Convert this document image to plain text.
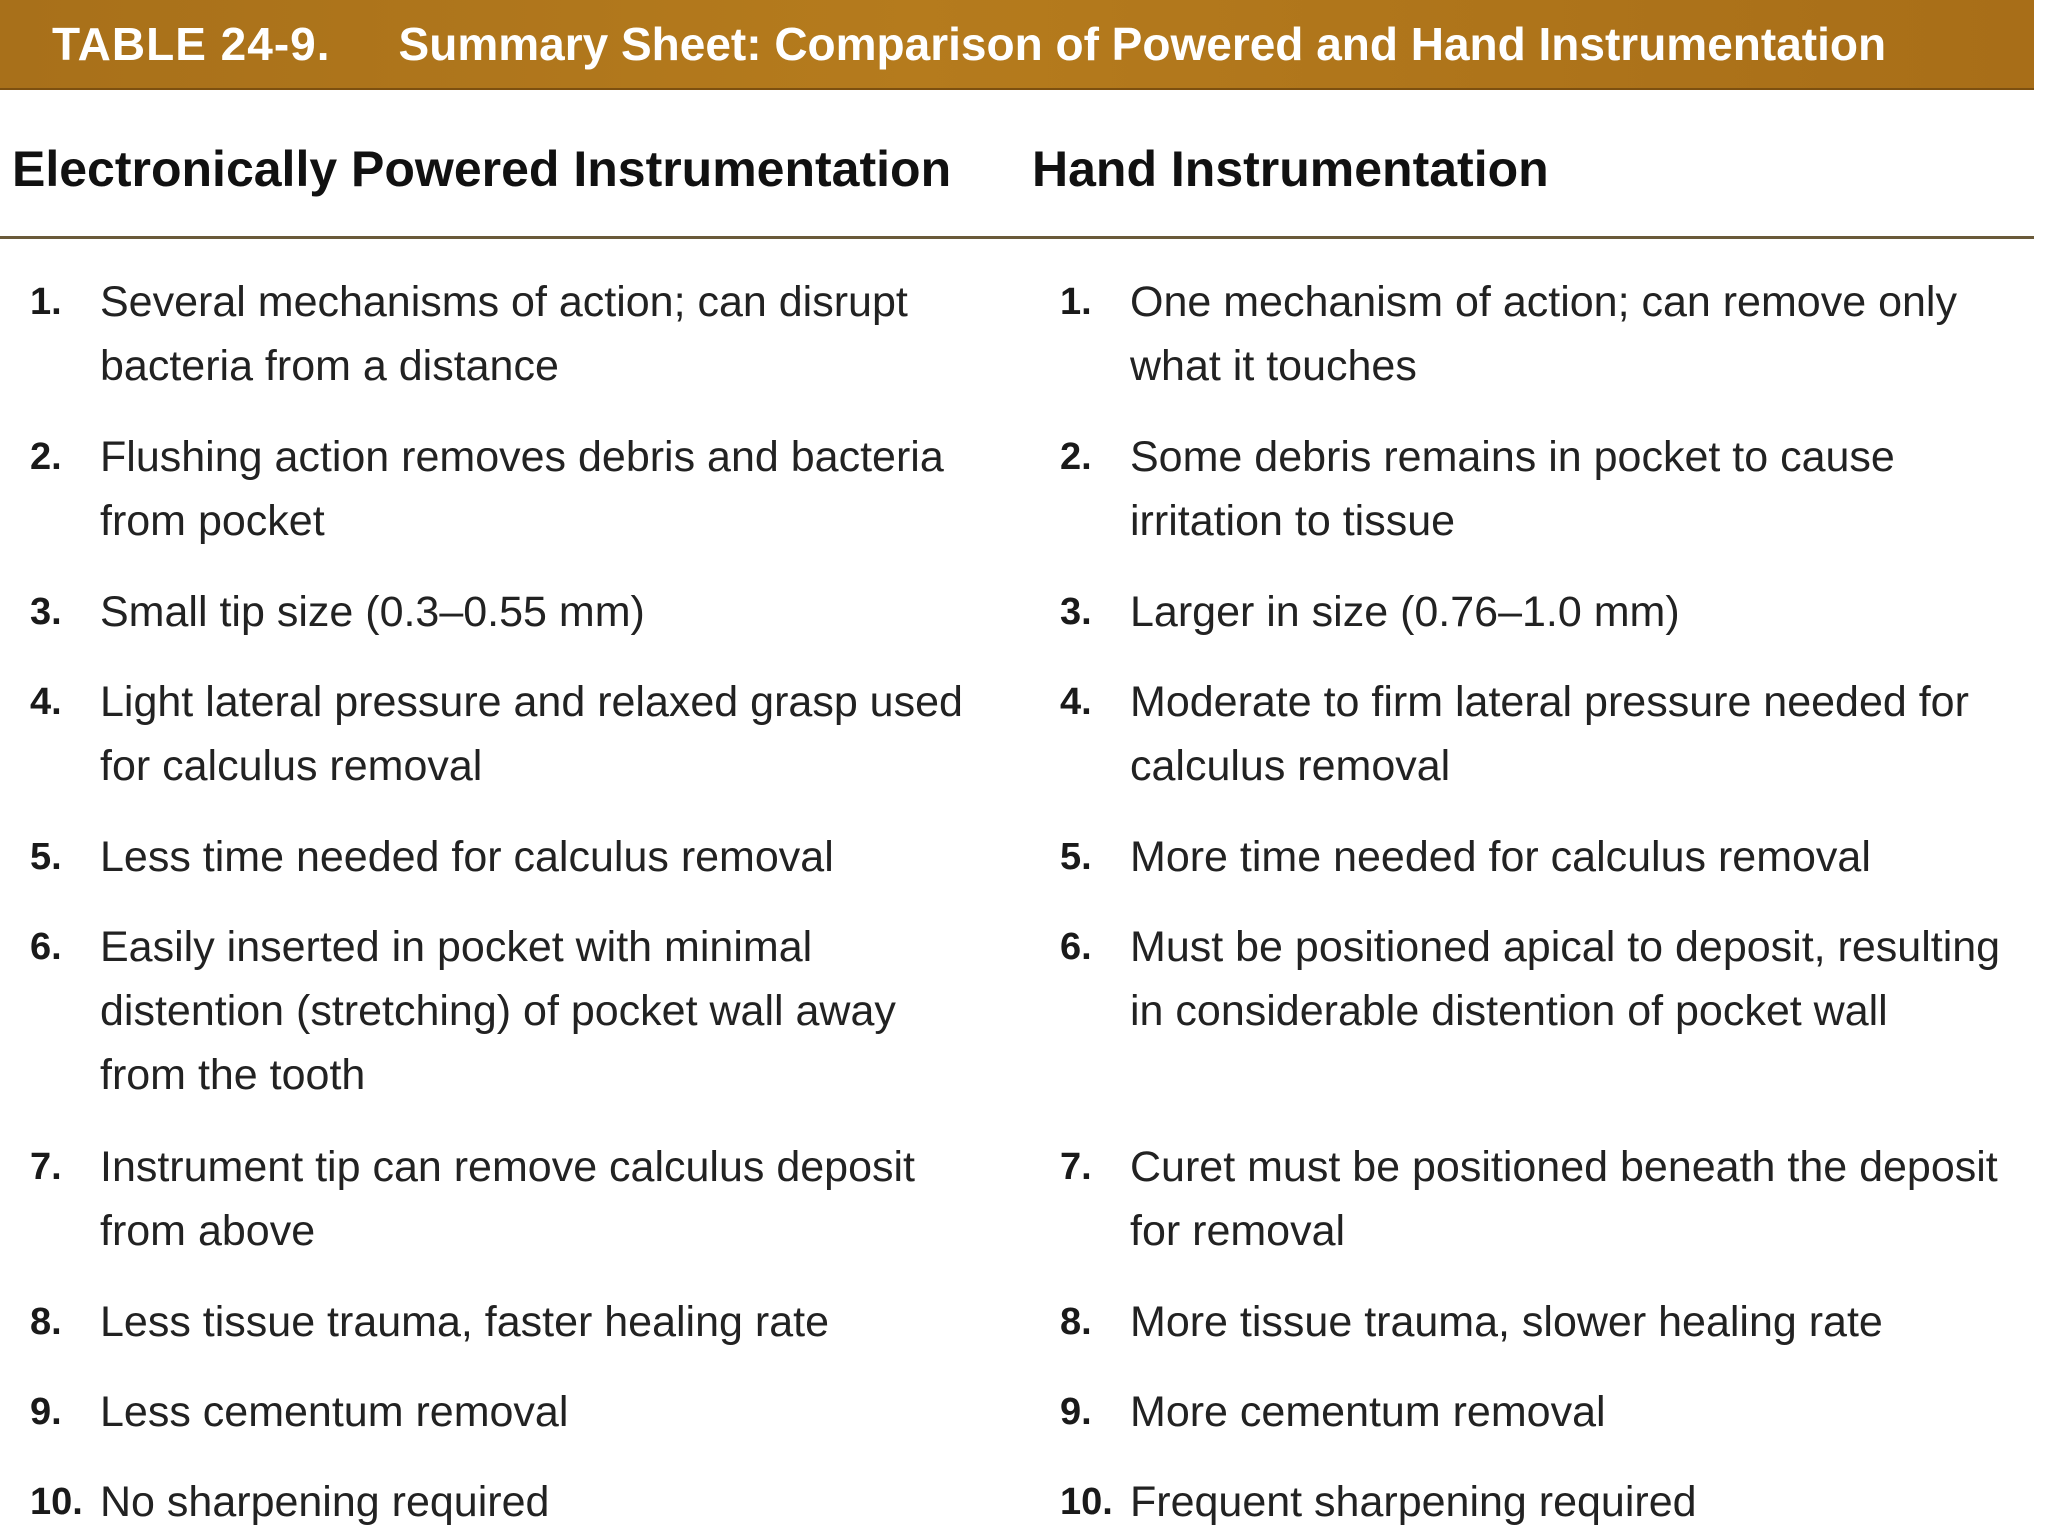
TABLE 24-9. Summary Sheet: Comparison of Powered and Hand Instrumentation
Electronically Powered Instrumentation Hand Instrumentation
1. Several mechanisms of action; can disrupt bacteria from a distance
2. Flushing action removes debris and bacteria from pocket
3. Small tip size (0.3–0.55 mm)
4. Light lateral pressure and relaxed grasp used for calculus removal
5. Less time needed for calculus removal
6. Easily inserted in pocket with minimal distention (stretching) of pocket wall away from the tooth
7. Instrument tip can remove calculus deposit from above
8. Less tissue trauma, faster healing rate
9. Less cementum removal
10. No sharpening required
1. One mechanism of action; can remove only what it touches
2. Some debris remains in pocket to cause irritation to tissue
3. Larger in size (0.76–1.0 mm)
4. Moderate to firm lateral pressure needed for calculus removal
5. More time needed for calculus removal
6. Must be positioned apical to deposit, resulting in considerable distention of pocket wall
7. Curet must be positioned beneath the deposit for removal
8. More tissue trauma, slower healing rate
9. More cementum removal
10. Frequent sharpening required
